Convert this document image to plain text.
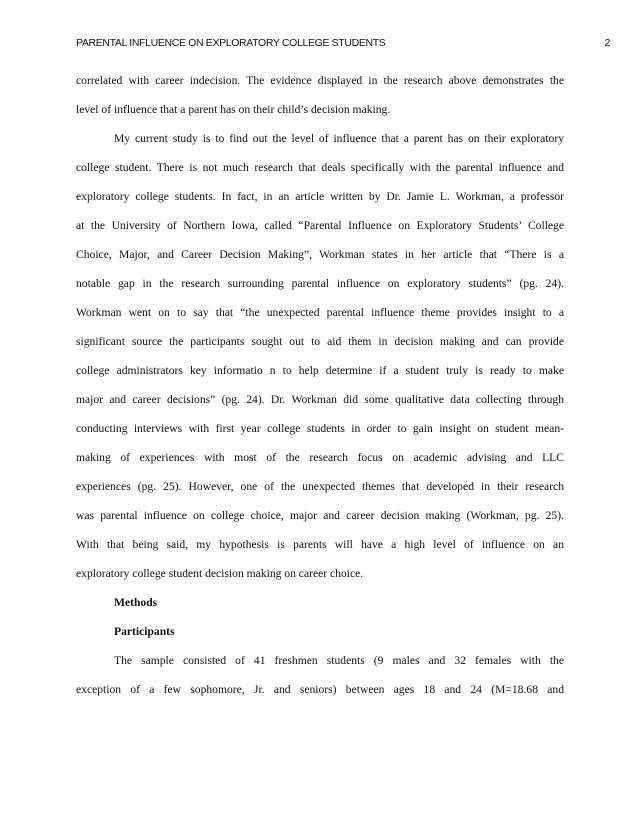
PARENTAL INFLUENCE ON EXPLORATORY COLLEGE STUDENTS	2
correlated with career indecision. The evidence displayed in the research above demonstrates the
level of influence that a parent has on their child’s decision making.
My current study is to find out the level of influence that a parent has on their exploratory
college student. There is not much research that deals specifically with the parental influence and
exploratory college students. In fact, in an article written by Dr. Jamie L. Workman, a professor
at the University of Northern Iowa, called “Parental Influence on Exploratory Students’ College
Choice, Major, and Career Decision Making”, Workman states in her article that “There is a
notable gap in the research surrounding parental influence on exploratory students” (pg. 24).
Workman went on to say that “the unexpected parental influence theme provides insight to a
significant source the participants sought out to aid them in decision making and can provide
college administrators key informatio n to help determine if a student truly is ready to make
major and career decisions” (pg. 24). Dr. Workman did some qualitative data collecting through
conducting interviews with first year college students in order to gain insight on student mean-
making of experiences with most of the research focus on academic advising and LLC
experiences (pg. 25). However, one of the unexpected themes that developed in their research
was parental influence on college choice, major and career decision making (Workman, pg. 25).
With that being said, my hypothesis is parents will have a high level of influence on an
exploratory college student decision making on career choice.
Methods
Participants
The sample consisted of 41 freshmen students (9 males and 32 females with the
exception of a few sophomore, Jr. and seniors) between ages 18 and 24 (M=18.68 and
